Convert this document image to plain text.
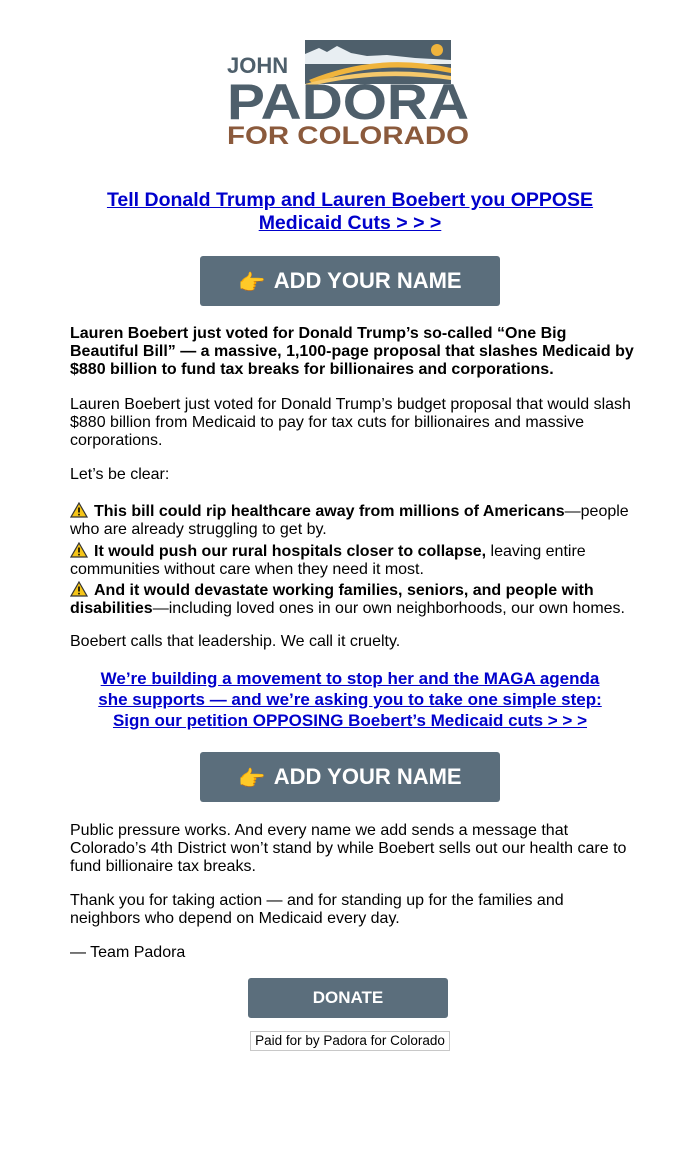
JOHN
PADORA
FOR COLORADO
Tell Donald Trump and Lauren Boebert you OPPOSE
Medicaid Cuts > > >
👉 ADD YOUR NAME
Lauren Boebert just voted for Donald Trump’s so-called “One Big Beautiful Bill” — a massive, 1,100-page proposal that slashes Medicaid by $880 billion to fund tax breaks for billionaires and corporations.
Lauren Boebert just voted for Donald Trump’s budget proposal that would slash $880 billion from Medicaid to pay for tax cuts for billionaires and massive corporations.
Let’s be clear:
This bill could rip healthcare away from millions of Americans—people who are already struggling to get by.
It would push our rural hospitals closer to collapse, leaving entire communities without care when they need it most.
And it would devastate working families, seniors, and people with disabilities—including loved ones in our own neighborhoods, our own homes.
Boebert calls that leadership. We call it cruelty.
We’re building a movement to stop her and the MAGA agenda
she supports — and we’re asking you to take one simple step:
Sign our petition OPPOSING Boebert’s Medicaid cuts > > >
👉 ADD YOUR NAME
Public pressure works. And every name we add sends a message that Colorado’s 4th District won’t stand by while Boebert sells out our health care to fund billionaire tax breaks.
Thank you for taking action — and for standing up for the families and neighbors who depend on Medicaid every day.
— Team Padora
DONATE
Paid for by Padora for Colorado
